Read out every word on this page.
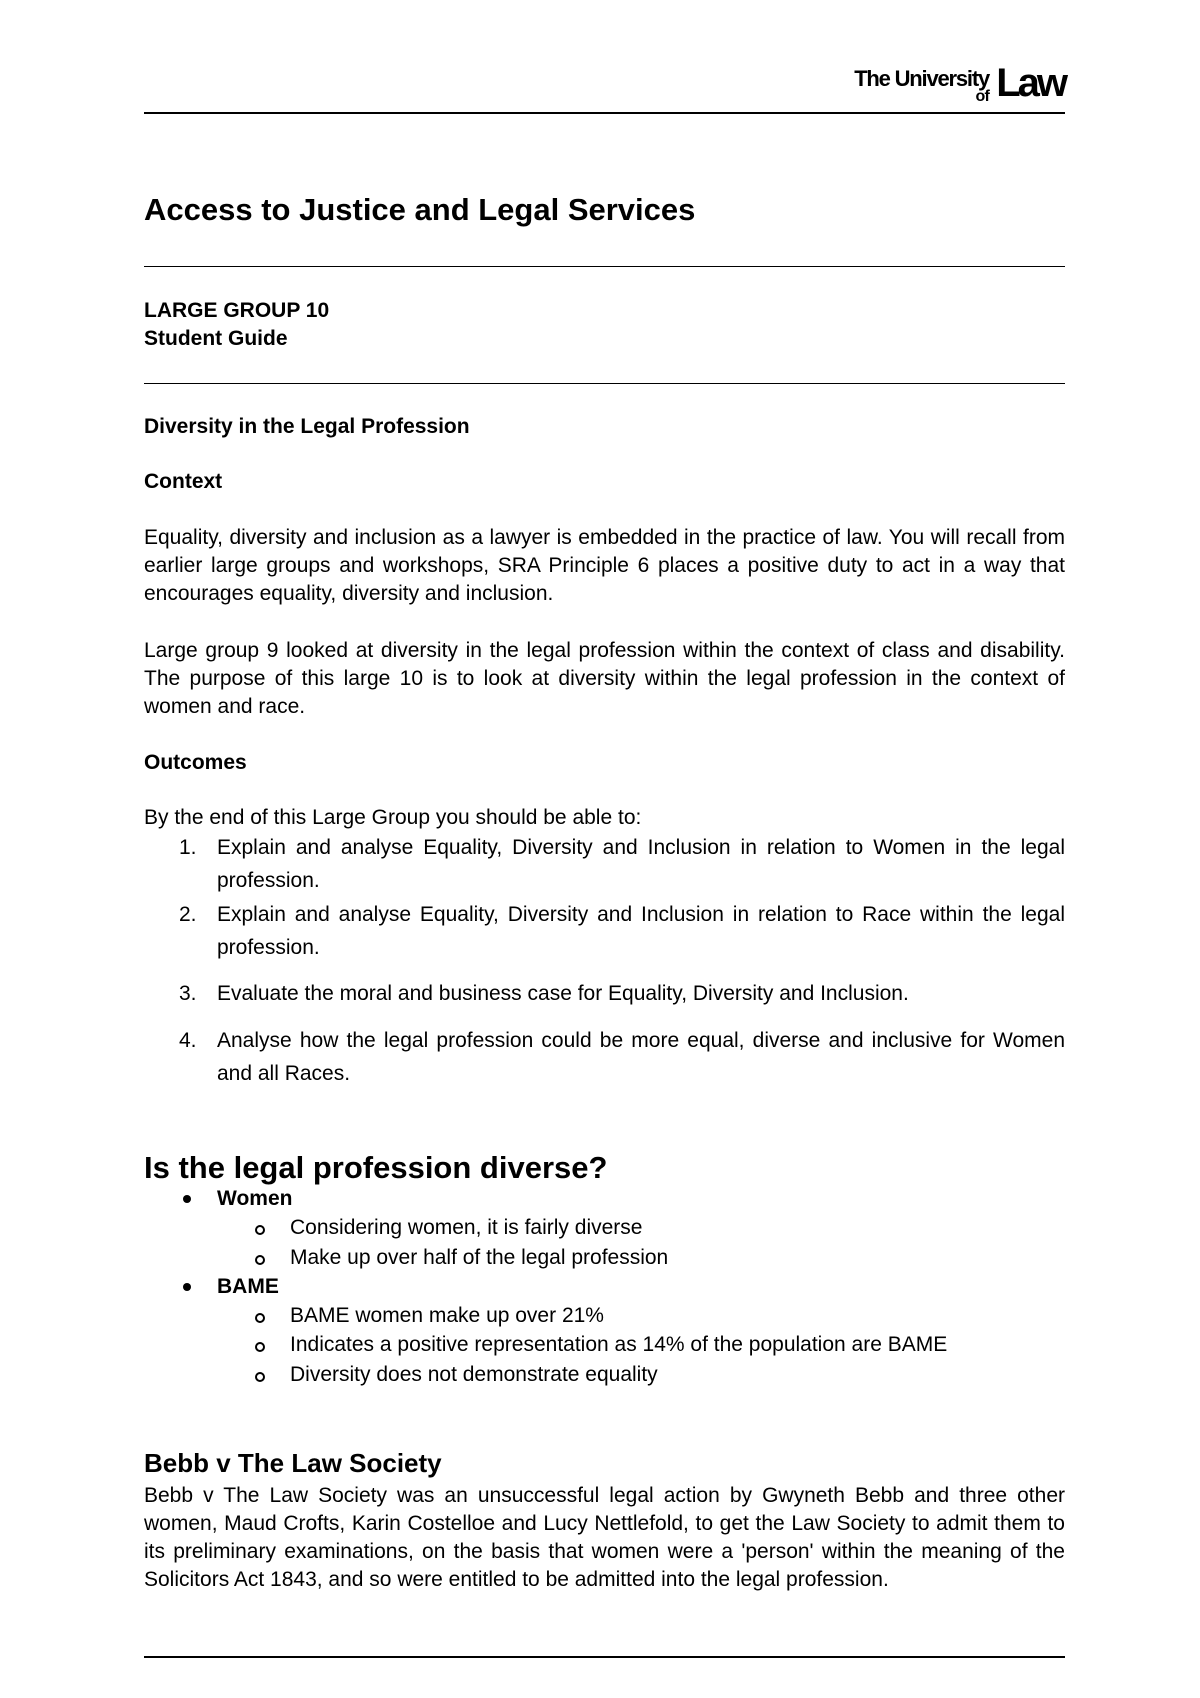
The University
of Law
Access to Justice and Legal Services
LARGE GROUP 10
Student Guide
Diversity in the Legal Profession
Context
Equality, diversity and inclusion as a lawyer is embedded in the practice of law. You will recall from earlier large groups and workshops, SRA Principle 6 places a positive duty to act in a way that encourages equality, diversity and inclusion.
Large group 9 looked at diversity in the legal profession within the context of class and disability. The purpose of this large 10 is to look at diversity within the legal profession in the context of women and race.
Outcomes
By the end of this Large Group you should be able to:
1. Explain and analyse Equality, Diversity and Inclusion in relation to Women in the legal profession.
2. Explain and analyse Equality, Diversity and Inclusion in relation to Race within the legal profession.
3. Evaluate the moral and business case for Equality, Diversity and Inclusion.
4. Analyse how the legal profession could be more equal, diverse and inclusive for Women and all Races.
Is the legal profession diverse?
Women
Considering women, it is fairly diverse
Make up over half of the legal profession
BAME
BAME women make up over 21%
Indicates a positive representation as 14% of the population are BAME
Diversity does not demonstrate equality
Bebb v The Law Society
Bebb v The Law Society was an unsuccessful legal action by Gwyneth Bebb and three other women, Maud Crofts, Karin Costelloe and Lucy Nettlefold, to get the Law Society to admit them to its preliminary examinations, on the basis that women were a 'person' within the meaning of the Solicitors Act 1843, and so were entitled to be admitted into the legal profession.
